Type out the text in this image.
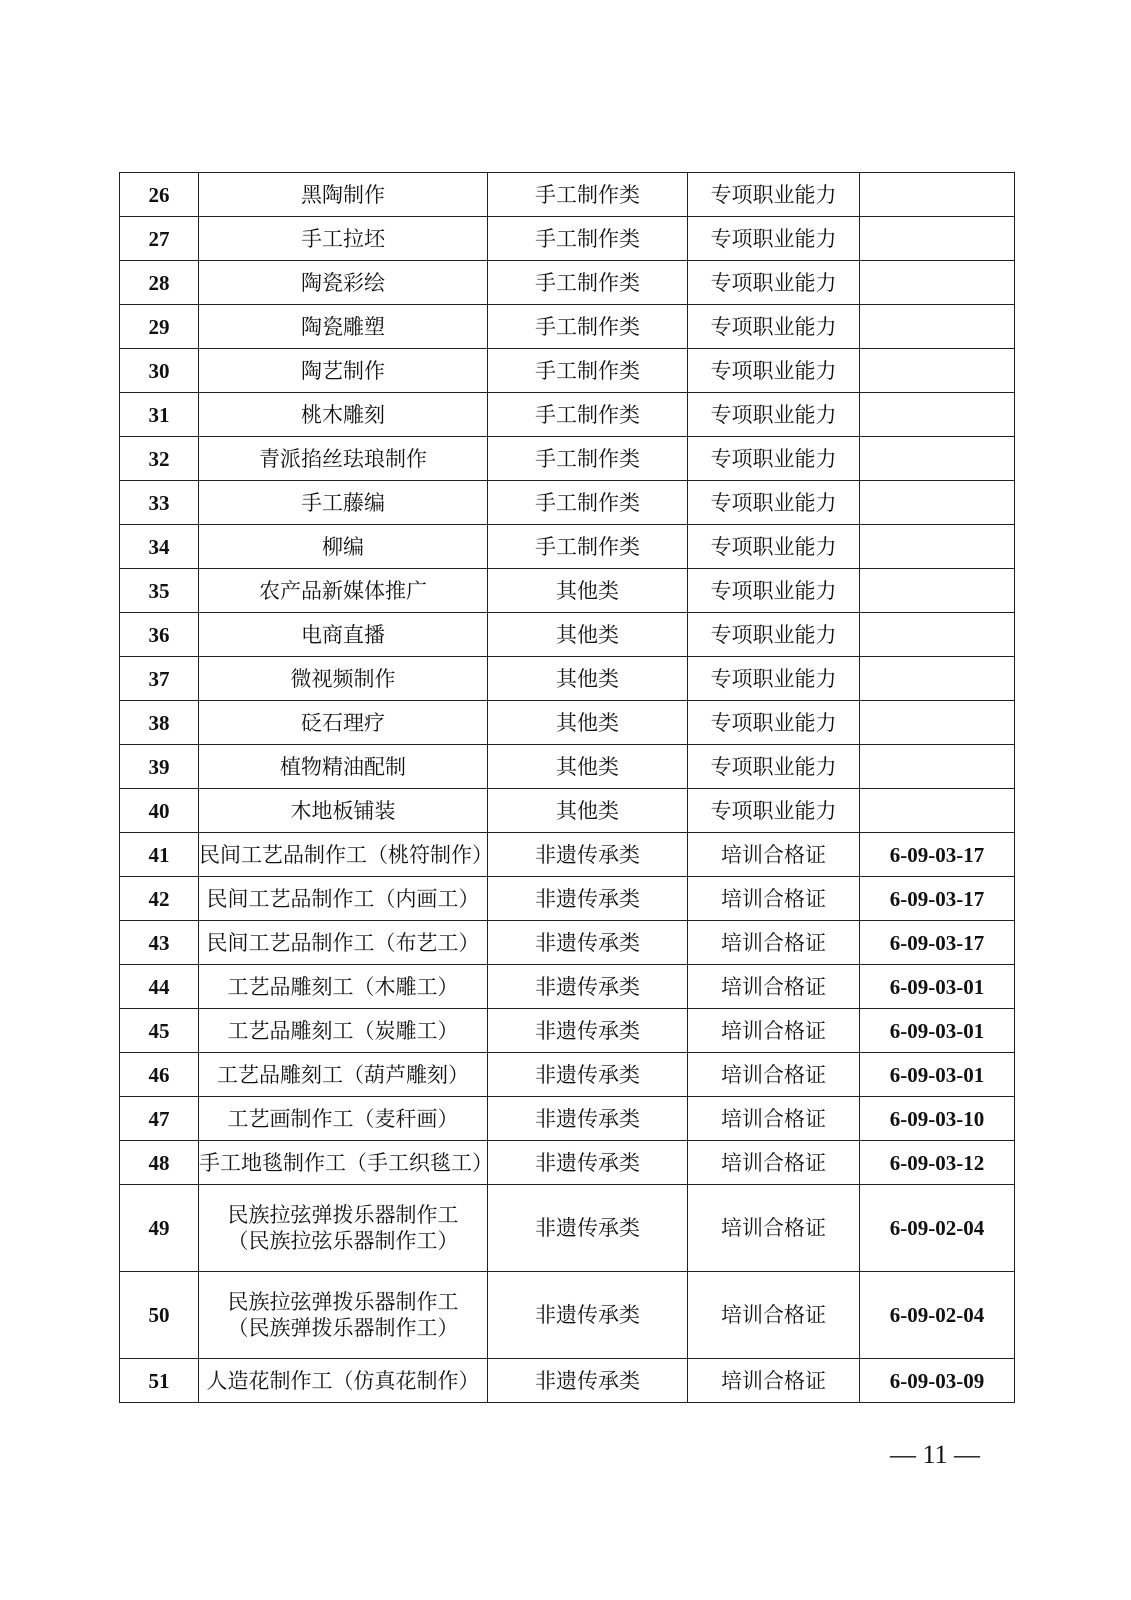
26	黑陶制作	手工制作类	专项职业能力	
27	手工拉坯	手工制作类	专项职业能力	
28	陶瓷彩绘	手工制作类	专项职业能力	
29	陶瓷雕塑	手工制作类	专项职业能力	
30	陶艺制作	手工制作类	专项职业能力	
31	桃木雕刻	手工制作类	专项职业能力	
32	青派掐丝珐琅制作	手工制作类	专项职业能力	
33	手工藤编	手工制作类	专项职业能力	
34	柳编	手工制作类	专项职业能力	
35	农产品新媒体推广	其他类	专项职业能力	
36	电商直播	其他类	专项职业能力	
37	微视频制作	其他类	专项职业能力	
38	砭石理疗	其他类	专项职业能力	
39	植物精油配制	其他类	专项职业能力	
40	木地板铺装	其他类	专项职业能力	
41	民间工艺品制作工（桃符制作）	非遗传承类	培训合格证	6-09-03-17
42	民间工艺品制作工（内画工）	非遗传承类	培训合格证	6-09-03-17
43	民间工艺品制作工（布艺工）	非遗传承类	培训合格证	6-09-03-17
44	工艺品雕刻工（木雕工）	非遗传承类	培训合格证	6-09-03-01
45	工艺品雕刻工（炭雕工）	非遗传承类	培训合格证	6-09-03-01
46	工艺品雕刻工（葫芦雕刻）	非遗传承类	培训合格证	6-09-03-01
47	工艺画制作工（麦秆画）	非遗传承类	培训合格证	6-09-03-10
48	手工地毯制作工（手工织毯工）	非遗传承类	培训合格证	6-09-03-12
49	民族拉弦弹拨乐器制作工
（民族拉弦乐器制作工）	非遗传承类	培训合格证	6-09-02-04
50	民族拉弦弹拨乐器制作工
（民族弹拨乐器制作工）	非遗传承类	培训合格证	6-09-02-04
51	人造花制作工（仿真花制作）	非遗传承类	培训合格证	6-09-03-09
— 11 —
